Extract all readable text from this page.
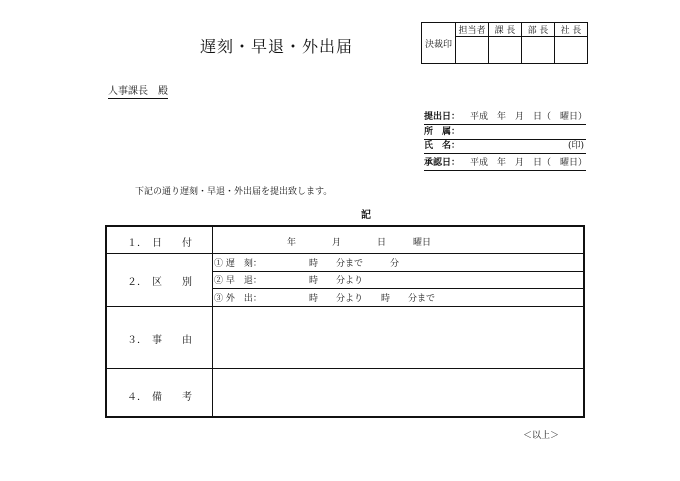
遅刻・早退・外出届	決裁印	担当者	課 長	部 長	社 長

人事課長　殿
提出日： 平成　年　月　日（　曜日）
所　属：
氏　名：	(印)
承認日： 平成　年　月　日（　曜日）
下記の通り遅刻・早退・外出届を提出致します。
記
１．　日　　付	年　　　　月　　　　日　　　曜日
２．　区　　別
① 遅　刻：	時　　分まで　　　分
② 早　退：	時　　分より
③ 外　出：	時　　分より　　時　　分まで
３．　事　　由
４．　備　　考
＜以上＞
